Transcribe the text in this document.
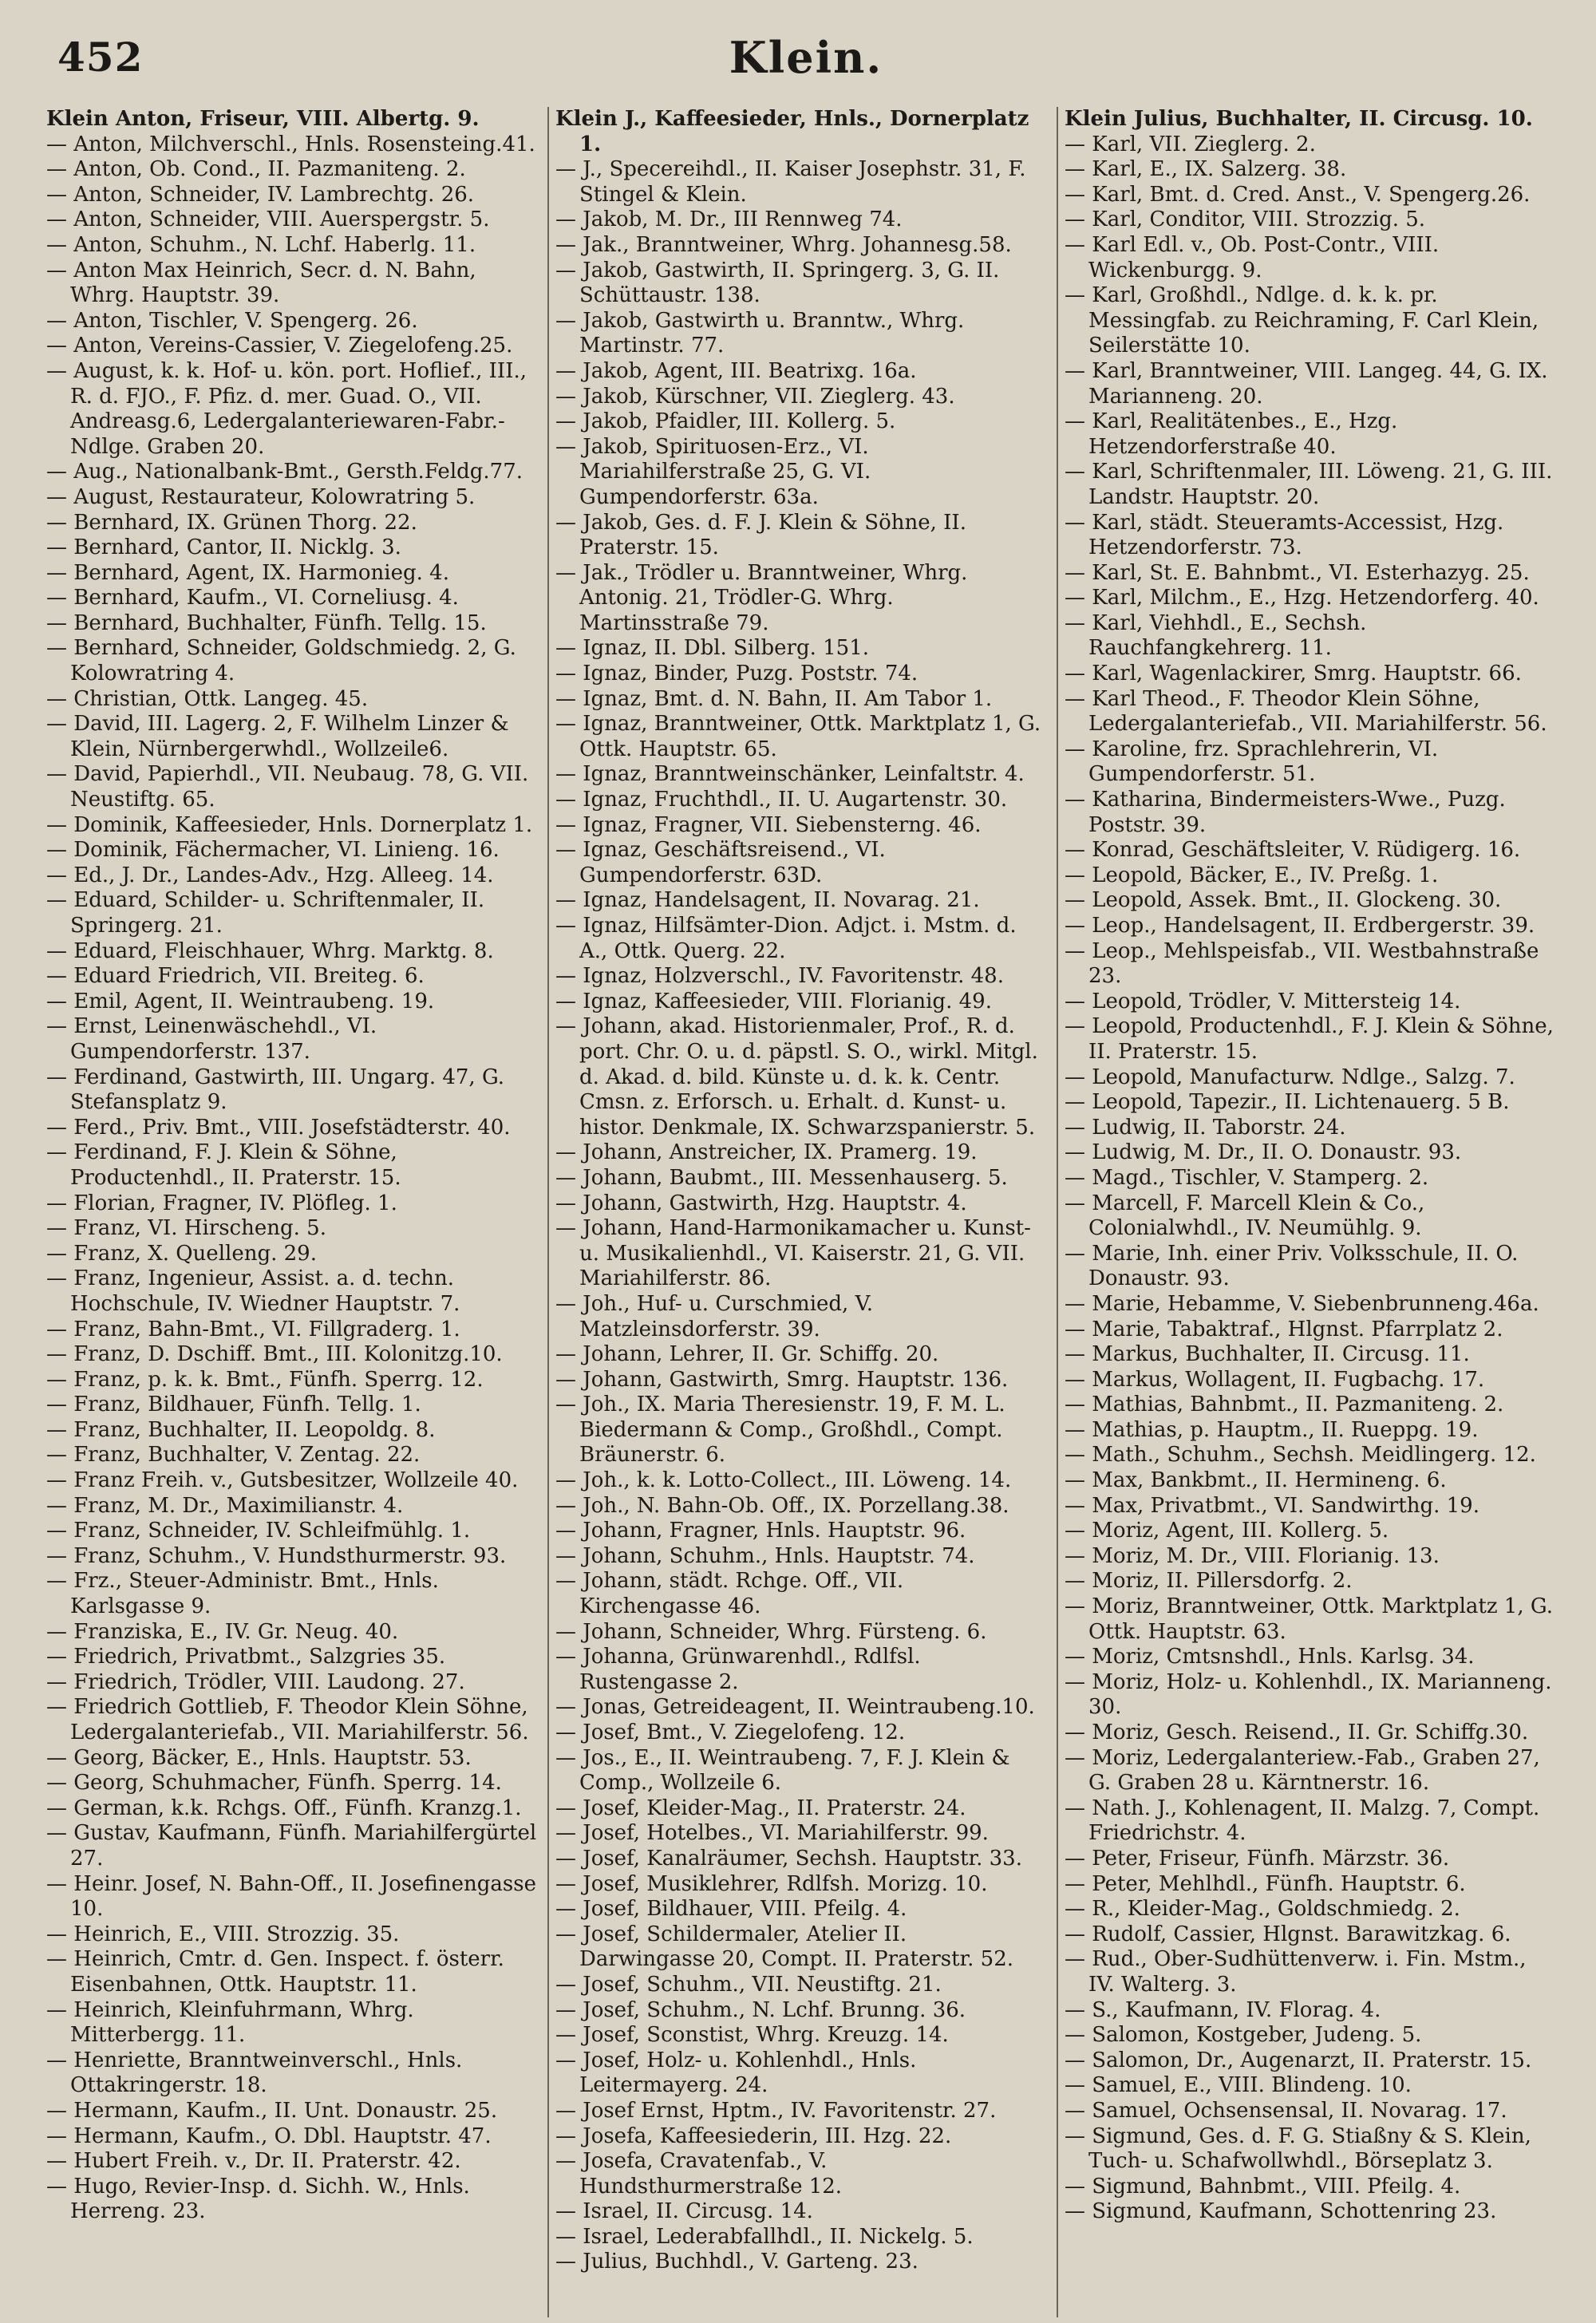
452	Klein.
Klein Anton, Friseur, VIII. Albertg. 9.
— Anton, Milchverschl., Hnls. Rosensteing.41.
— Anton, Ob. Cond., II. Pazmaniteng. 2.
— Anton, Schneider, IV. Lambrechtg. 26.
— Anton, Schneider, VIII. Auerspergstr. 5.
— Anton, Schuhm., N. Lchf. Haberlg. 11.
— Anton Max Heinrich, Secr. d. N. Bahn, Whrg. Hauptstr. 39.
— Anton, Tischler, V. Spengerg. 26.
— Anton, Vereins-Cassier, V. Ziegelofeng.25.
— August, k. k. Hof- u. kön. port. Hoflief., III., R. d. FJO., F. Pfiz. d. mer. Guad. O., VII. Andreasg.6, Ledergalanteriewaren-Fabr.-Ndlge. Graben 20.
— Aug., Nationalbank-Bmt., Gersth.Feldg.77.
— August, Restaurateur, Kolowratring 5.
— Bernhard, IX. Grünen Thorg. 22.
— Bernhard, Cantor, II. Nicklg. 3.
— Bernhard, Agent, IX. Harmonieg. 4.
— Bernhard, Kaufm., VI. Corneliusg. 4.
— Bernhard, Buchhalter, Fünfh. Tellg. 15.
— Bernhard, Schneider, Goldschmiedg. 2, G. Kolowratring 4.
— Christian, Ottk. Langeg. 45.
— David, III. Lagerg. 2, F. Wilhelm Linzer & Klein, Nürnbergerwhdl., Wollzeile6.
— David, Papierhdl., VII. Neubaug. 78, G. VII. Neustiftg. 65.
— Dominik, Kaffeesieder, Hnls. Dornerplatz 1.
— Dominik, Fächermacher, VI. Linieng. 16.
— Ed., J. Dr., Landes-Adv., Hzg. Alleeg. 14.
— Eduard, Schilder- u. Schriftenmaler, II. Springerg. 21.
— Eduard, Fleischhauer, Whrg. Marktg. 8.
— Eduard Friedrich, VII. Breiteg. 6.
— Emil, Agent, II. Weintraubeng. 19.
— Ernst, Leinenwäschehdl., VI. Gumpendorferstr. 137.
— Ferdinand, Gastwirth, III. Ungarg. 47, G. Stefansplatz 9.
— Ferd., Priv. Bmt., VIII. Josefstädterstr. 40.
— Ferdinand, F. J. Klein & Söhne, Productenhdl., II. Praterstr. 15.
— Florian, Fragner, IV. Plöfleg. 1.
— Franz, VI. Hirscheng. 5.
— Franz, X. Quelleng. 29.
— Franz, Ingenieur, Assist. a. d. techn. Hochschule, IV. Wiedner Hauptstr. 7.
— Franz, Bahn-Bmt., VI. Fillgraderg. 1.
— Franz, D. Dschiff. Bmt., III. Kolonitzg.10.
— Franz, p. k. k. Bmt., Fünfh. Sperrg. 12.
— Franz, Bildhauer, Fünfh. Tellg. 1.
— Franz, Buchhalter, II. Leopoldg. 8.
— Franz, Buchhalter, V. Zentag. 22.
— Franz Freih. v., Gutsbesitzer, Wollzeile 40.
— Franz, M. Dr., Maximilianstr. 4.
— Franz, Schneider, IV. Schleifmühlg. 1.
— Franz, Schuhm., V. Hundsthurmerstr. 93.
— Frz., Steuer-Administr. Bmt., Hnls. Karlsgasse 9.
— Franziska, E., IV. Gr. Neug. 40.
— Friedrich, Privatbmt., Salzgries 35.
— Friedrich, Trödler, VIII. Laudong. 27.
— Friedrich Gottlieb, F. Theodor Klein Söhne, Ledergalanteriefab., VII. Mariahilferstr. 56.
— Georg, Bäcker, E., Hnls. Hauptstr. 53.
— Georg, Schuhmacher, Fünfh. Sperrg. 14.
— German, k.k. Rchgs. Off., Fünfh. Kranzg.1.
— Gustav, Kaufmann, Fünfh. Mariahilfergürtel 27.
— Heinr. Josef, N. Bahn-Off., II. Josefinengasse 10.
— Heinrich, E., VIII. Strozzig. 35.
— Heinrich, Cmtr. d. Gen. Inspect. f. österr. Eisenbahnen, Ottk. Hauptstr. 11.
— Heinrich, Kleinfuhrmann, Whrg. Mitterbergg. 11.
— Henriette, Branntweinverschl., Hnls. Ottakringerstr. 18.
— Hermann, Kaufm., II. Unt. Donaustr. 25.
— Hermann, Kaufm., O. Dbl. Hauptstr. 47.
— Hubert Freih. v., Dr. II. Praterstr. 42.
— Hugo, Revier-Insp. d. Sichh. W., Hnls. Herreng. 23.
Klein J., Kaffeesieder, Hnls., Dornerplatz 1.
— J., Specereihdl., II. Kaiser Josephstr. 31, F. Stingel & Klein.
— Jakob, M. Dr., III Rennweg 74.
— Jak., Branntweiner, Whrg. Johannesg.58.
— Jakob, Gastwirth, II. Springerg. 3, G. II. Schüttaustr. 138.
— Jakob, Gastwirth u. Branntw., Whrg. Martinstr. 77.
— Jakob, Agent, III. Beatrixg. 16a.
— Jakob, Kürschner, VII. Zieglerg. 43.
— Jakob, Pfaidler, III. Kollerg. 5.
— Jakob, Spirituosen-Erz., VI. Mariahilferstraße 25, G. VI. Gumpendorferstr. 63a.
— Jakob, Ges. d. F. J. Klein & Söhne, II. Praterstr. 15.
— Jak., Trödler u. Branntweiner, Whrg. Antonig. 21, Trödler-G. Whrg. Martinsstraße 79.
— Ignaz, II. Dbl. Silberg. 151.
— Ignaz, Binder, Puzg. Poststr. 74.
— Ignaz, Bmt. d. N. Bahn, II. Am Tabor 1.
— Ignaz, Branntweiner, Ottk. Marktplatz 1, G. Ottk. Hauptstr. 65.
— Ignaz, Branntweinschänker, Leinfaltstr. 4.
— Ignaz, Fruchthdl., II. U. Augartenstr. 30.
— Ignaz, Fragner, VII. Siebensterng. 46.
— Ignaz, Geschäftsreisend., VI. Gumpendorferstr. 63D.
— Ignaz, Handelsagent, II. Novarag. 21.
— Ignaz, Hilfsämter-Dion. Adjct. i. Mstm. d. A., Ottk. Querg. 22.
— Ignaz, Holzverschl., IV. Favoritenstr. 48.
— Ignaz, Kaffeesieder, VIII. Florianig. 49.
— Johann, akad. Historienmaler, Prof., R. d. port. Chr. O. u. d. päpstl. S. O., wirkl. Mitgl. d. Akad. d. bild. Künste u. d. k. k. Centr. Cmsn. z. Erforsch. u. Erhalt. d. Kunst- u. histor. Denkmale, IX. Schwarzspanierstr. 5.
— Johann, Anstreicher, IX. Pramerg. 19.
— Johann, Baubmt., III. Messenhauserg. 5.
— Johann, Gastwirth, Hzg. Hauptstr. 4.
— Johann, Hand-Harmonikamacher u. Kunst- u. Musikalienhdl., VI. Kaiserstr. 21, G. VII. Mariahilferstr. 86.
— Joh., Huf- u. Curschmied, V. Matzleinsdorferstr. 39.
— Johann, Lehrer, II. Gr. Schiffg. 20.
— Johann, Gastwirth, Smrg. Hauptstr. 136.
— Joh., IX. Maria Theresienstr. 19, F. M. L. Biedermann & Comp., Großhdl., Compt. Bräunerstr. 6.
— Joh., k. k. Lotto-Collect., III. Löweng. 14.
— Joh., N. Bahn-Ob. Off., IX. Porzellang.38.
— Johann, Fragner, Hnls. Hauptstr. 96.
— Johann, Schuhm., Hnls. Hauptstr. 74.
— Johann, städt. Rchge. Off., VII. Kirchengasse 46.
— Johann, Schneider, Whrg. Fürsteng. 6.
— Johanna, Grünwarenhdl., Rdlfsl. Rustengasse 2.
— Jonas, Getreideagent, II. Weintraubeng.10.
— Josef, Bmt., V. Ziegelofeng. 12.
— Jos., E., II. Weintraubeng. 7, F. J. Klein & Comp., Wollzeile 6.
— Josef, Kleider-Mag., II. Praterstr. 24.
— Josef, Hotelbes., VI. Mariahilferstr. 99.
— Josef, Kanalräumer, Sechsh. Hauptstr. 33.
— Josef, Musiklehrer, Rdlfsh. Morizg. 10.
— Josef, Bildhauer, VIII. Pfeilg. 4.
— Josef, Schildermaler, Atelier II. Darwingasse 20, Compt. II. Praterstr. 52.
— Josef, Schuhm., VII. Neustiftg. 21.
— Josef, Schuhm., N. Lchf. Brunng. 36.
— Josef, Sconstist, Whrg. Kreuzg. 14.
— Josef, Holz- u. Kohlenhdl., Hnls. Leitermayerg. 24.
— Josef Ernst, Hptm., IV. Favoritenstr. 27.
— Josefa, Kaffeesiederin, III. Hzg. 22.
— Josefa, Cravatenfab., V. Hundsthurmerstraße 12.
— Israel, II. Circusg. 14.
— Israel, Lederabfallhdl., II. Nickelg. 5.
— Julius, Buchhdl., V. Garteng. 23.
Klein Julius, Buchhalter, II. Circusg. 10.
— Karl, VII. Zieglerg. 2.
— Karl, E., IX. Salzerg. 38.
— Karl, Bmt. d. Cred. Anst., V. Spengerg.26.
— Karl, Conditor, VIII. Strozzig. 5.
— Karl Edl. v., Ob. Post-Contr., VIII. Wickenburgg. 9.
— Karl, Großhdl., Ndlge. d. k. k. pr. Messingfab. zu Reichraming, F. Carl Klein, Seilerstätte 10.
— Karl, Branntweiner, VIII. Langeg. 44, G. IX. Marianneng. 20.
— Karl, Realitätenbes., E., Hzg. Hetzendorferstraße 40.
— Karl, Schriftenmaler, III. Löweng. 21, G. III. Landstr. Hauptstr. 20.
— Karl, städt. Steueramts-Accessist, Hzg. Hetzendorferstr. 73.
— Karl, St. E. Bahnbmt., VI. Esterhazyg. 25.
— Karl, Milchm., E., Hzg. Hetzendorferg. 40.
— Karl, Viehhdl., E., Sechsh. Rauchfangkehrerg. 11.
— Karl, Wagenlackirer, Smrg. Hauptstr. 66.
— Karl Theod., F. Theodor Klein Söhne, Ledergalanteriefab., VII. Mariahilferstr. 56.
— Karoline, frz. Sprachlehrerin, VI. Gumpendorferstr. 51.
— Katharina, Bindermeisters-Wwe., Puzg. Poststr. 39.
— Konrad, Geschäftsleiter, V. Rüdigerg. 16.
— Leopold, Bäcker, E., IV. Preßg. 1.
— Leopold, Assek. Bmt., II. Glockeng. 30.
— Leop., Handelsagent, II. Erdbergerstr. 39.
— Leop., Mehlspeisfab., VII. Westbahnstraße 23.
— Leopold, Trödler, V. Mittersteig 14.
— Leopold, Productenhdl., F. J. Klein & Söhne, II. Praterstr. 15.
— Leopold, Manufacturw. Ndlge., Salzg. 7.
— Leopold, Tapezir., II. Lichtenauerg. 5 B.
— Ludwig, II. Taborstr. 24.
— Ludwig, M. Dr., II. O. Donaustr. 93.
— Magd., Tischler, V. Stamperg. 2.
— Marcell, F. Marcell Klein & Co., Colonialwhdl., IV. Neumühlg. 9.
— Marie, Inh. einer Priv. Volksschule, II. O. Donaustr. 93.
— Marie, Hebamme, V. Siebenbrunneng.46a.
— Marie, Tabaktraf., Hlgnst. Pfarrplatz 2.
— Markus, Buchhalter, II. Circusg. 11.
— Markus, Wollagent, II. Fugbachg. 17.
— Mathias, Bahnbmt., II. Pazmaniteng. 2.
— Mathias, p. Hauptm., II. Rueppg. 19.
— Math., Schuhm., Sechsh. Meidlingerg. 12.
— Max, Bankbmt., II. Hermineng. 6.
— Max, Privatbmt., VI. Sandwirthg. 19.
— Moriz, Agent, III. Kollerg. 5.
— Moriz, M. Dr., VIII. Florianig. 13.
— Moriz, II. Pillersdorfg. 2.
— Moriz, Branntweiner, Ottk. Marktplatz 1, G. Ottk. Hauptstr. 63.
— Moriz, Cmtsnshdl., Hnls. Karlsg. 34.
— Moriz, Holz- u. Kohlenhdl., IX. Marianneng. 30.
— Moriz, Gesch. Reisend., II. Gr. Schiffg.30.
— Moriz, Ledergalanteriew.-Fab., Graben 27, G. Graben 28 u. Kärntnerstr. 16.
— Nath. J., Kohlenagent, II. Malzg. 7, Compt. Friedrichstr. 4.
— Peter, Friseur, Fünfh. Märzstr. 36.
— Peter, Mehlhdl., Fünfh. Hauptstr. 6.
— R., Kleider-Mag., Goldschmiedg. 2.
— Rudolf, Cassier, Hlgnst. Barawitzkag. 6.
— Rud., Ober-Sudhüttenverw. i. Fin. Mstm., IV. Walterg. 3.
— S., Kaufmann, IV. Florag. 4.
— Salomon, Kostgeber, Judeng. 5.
— Salomon, Dr., Augenarzt, II. Praterstr. 15.
— Samuel, E., VIII. Blindeng. 10.
— Samuel, Ochsensensal, II. Novarag. 17.
— Sigmund, Ges. d. F. G. Stiaßny & S. Klein, Tuch- u. Schafwollwhdl., Börseplatz 3.
— Sigmund, Bahnbmt., VIII. Pfeilg. 4.
— Sigmund, Kaufmann, Schottenring 23.
